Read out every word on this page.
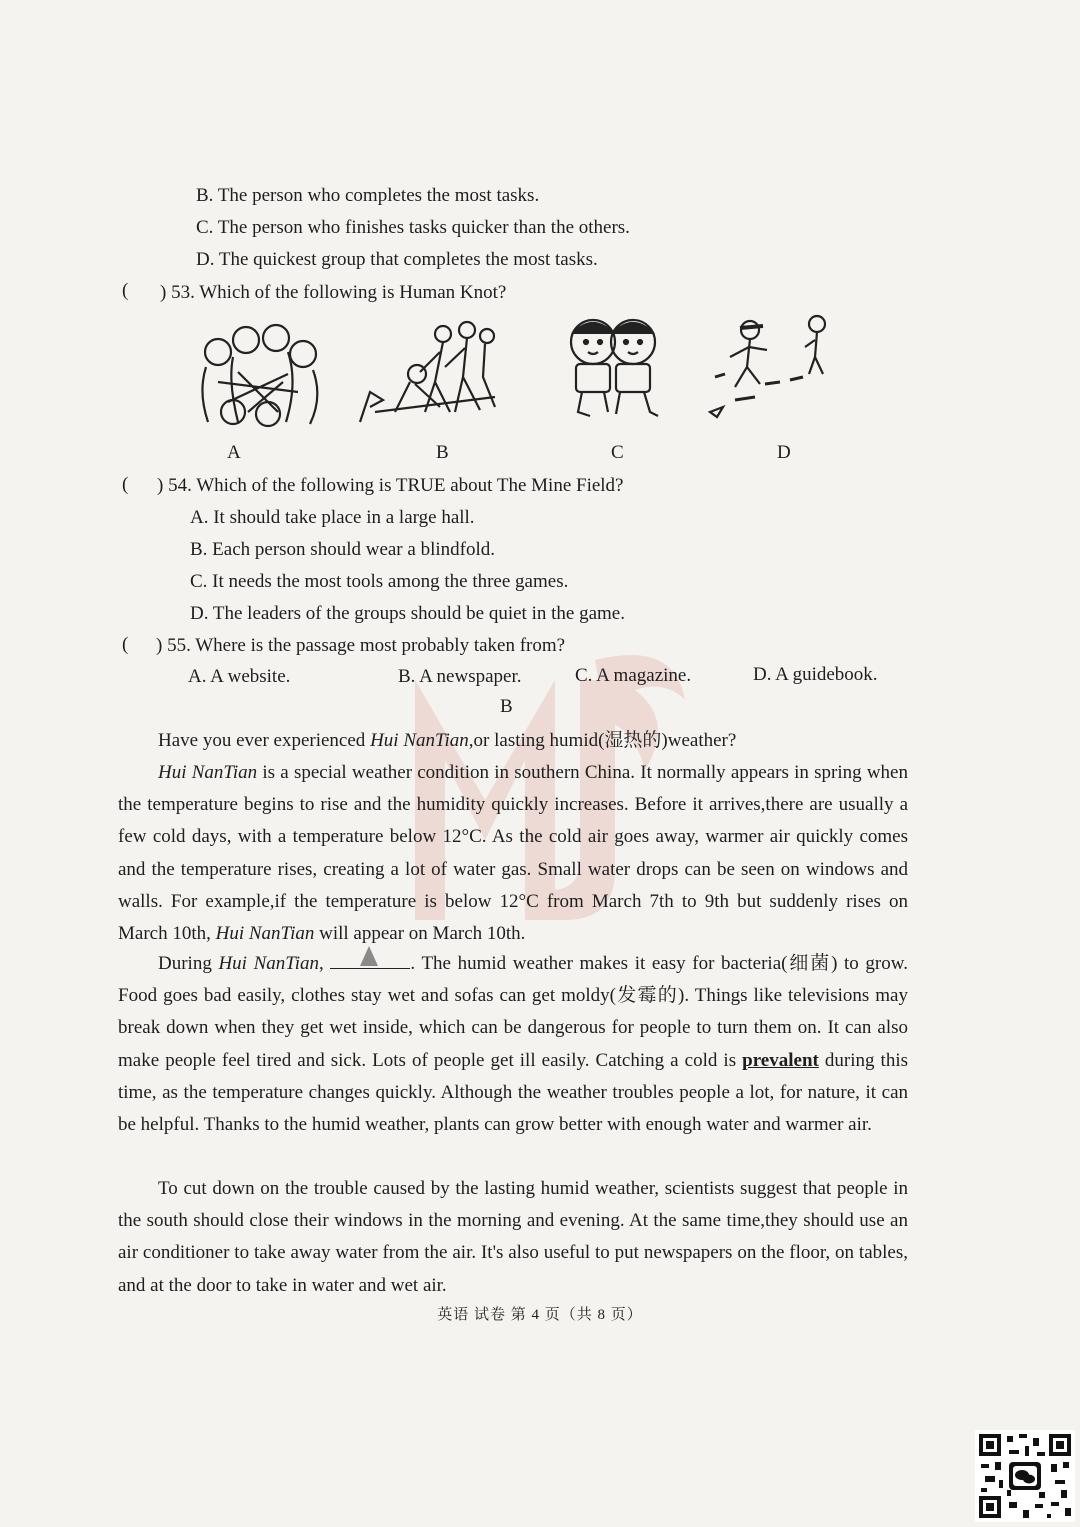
B. The person who completes the most tasks.
C. The person who finishes tasks quicker than the others.
D. The quickest group that completes the most tasks.
( ) 53. Which of the following is Human Knot?
A	B	C	D
( ) 54. Which of the following is TRUE about The Mine Field?
A. It should take place in a large hall.
B. Each person should wear a blindfold.
C. It needs the most tools among the three games.
D. The leaders of the groups should be quiet in the game.
( ) 55. Where is the passage most probably taken from?
A. A website.	B. A newspaper.	C. A magazine.	D. A guidebook.
B
Have you ever experienced Hui NanTian,or lasting humid(湿热的)weather?
Hui NanTian is a special weather condition in southern China. It normally appears in spring when the temperature begins to rise and the humidity quickly increases. Before it arrives,there are usually a few cold days, with a temperature below 12°C. As the cold air goes away, warmer air quickly comes and the temperature rises, creating a lot of water gas. Small water drops can be seen on windows and walls. For example,if the temperature is below 12°C from March 7th to 9th but suddenly rises on March 10th, Hui NanTian will appear on March 10th.
During Hui NanTian,	. The humid weather makes it easy for bacteria(细菌) to grow. Food goes bad easily, clothes stay wet and sofas can get moldy(发霉的). Things like televisions may break down when they get wet inside, which can be dangerous for people to turn them on. It can also make people feel tired and sick. Lots of people get ill easily. Catching a cold is prevalent during this time, as the temperature changes quickly. Although the weather troubles people a lot, for nature, it can be helpful. Thanks to the humid weather, plants can grow better with enough water and warmer air.
To cut down on the trouble caused by the lasting humid weather, scientists suggest that people in the south should close their windows in the morning and evening. At the same time,they should use an air conditioner to take away water from the air. It's also useful to put newspapers on the floor, on tables, and at the door to take in water and wet air.
英语 试卷 第 4 页（共 8 页）
